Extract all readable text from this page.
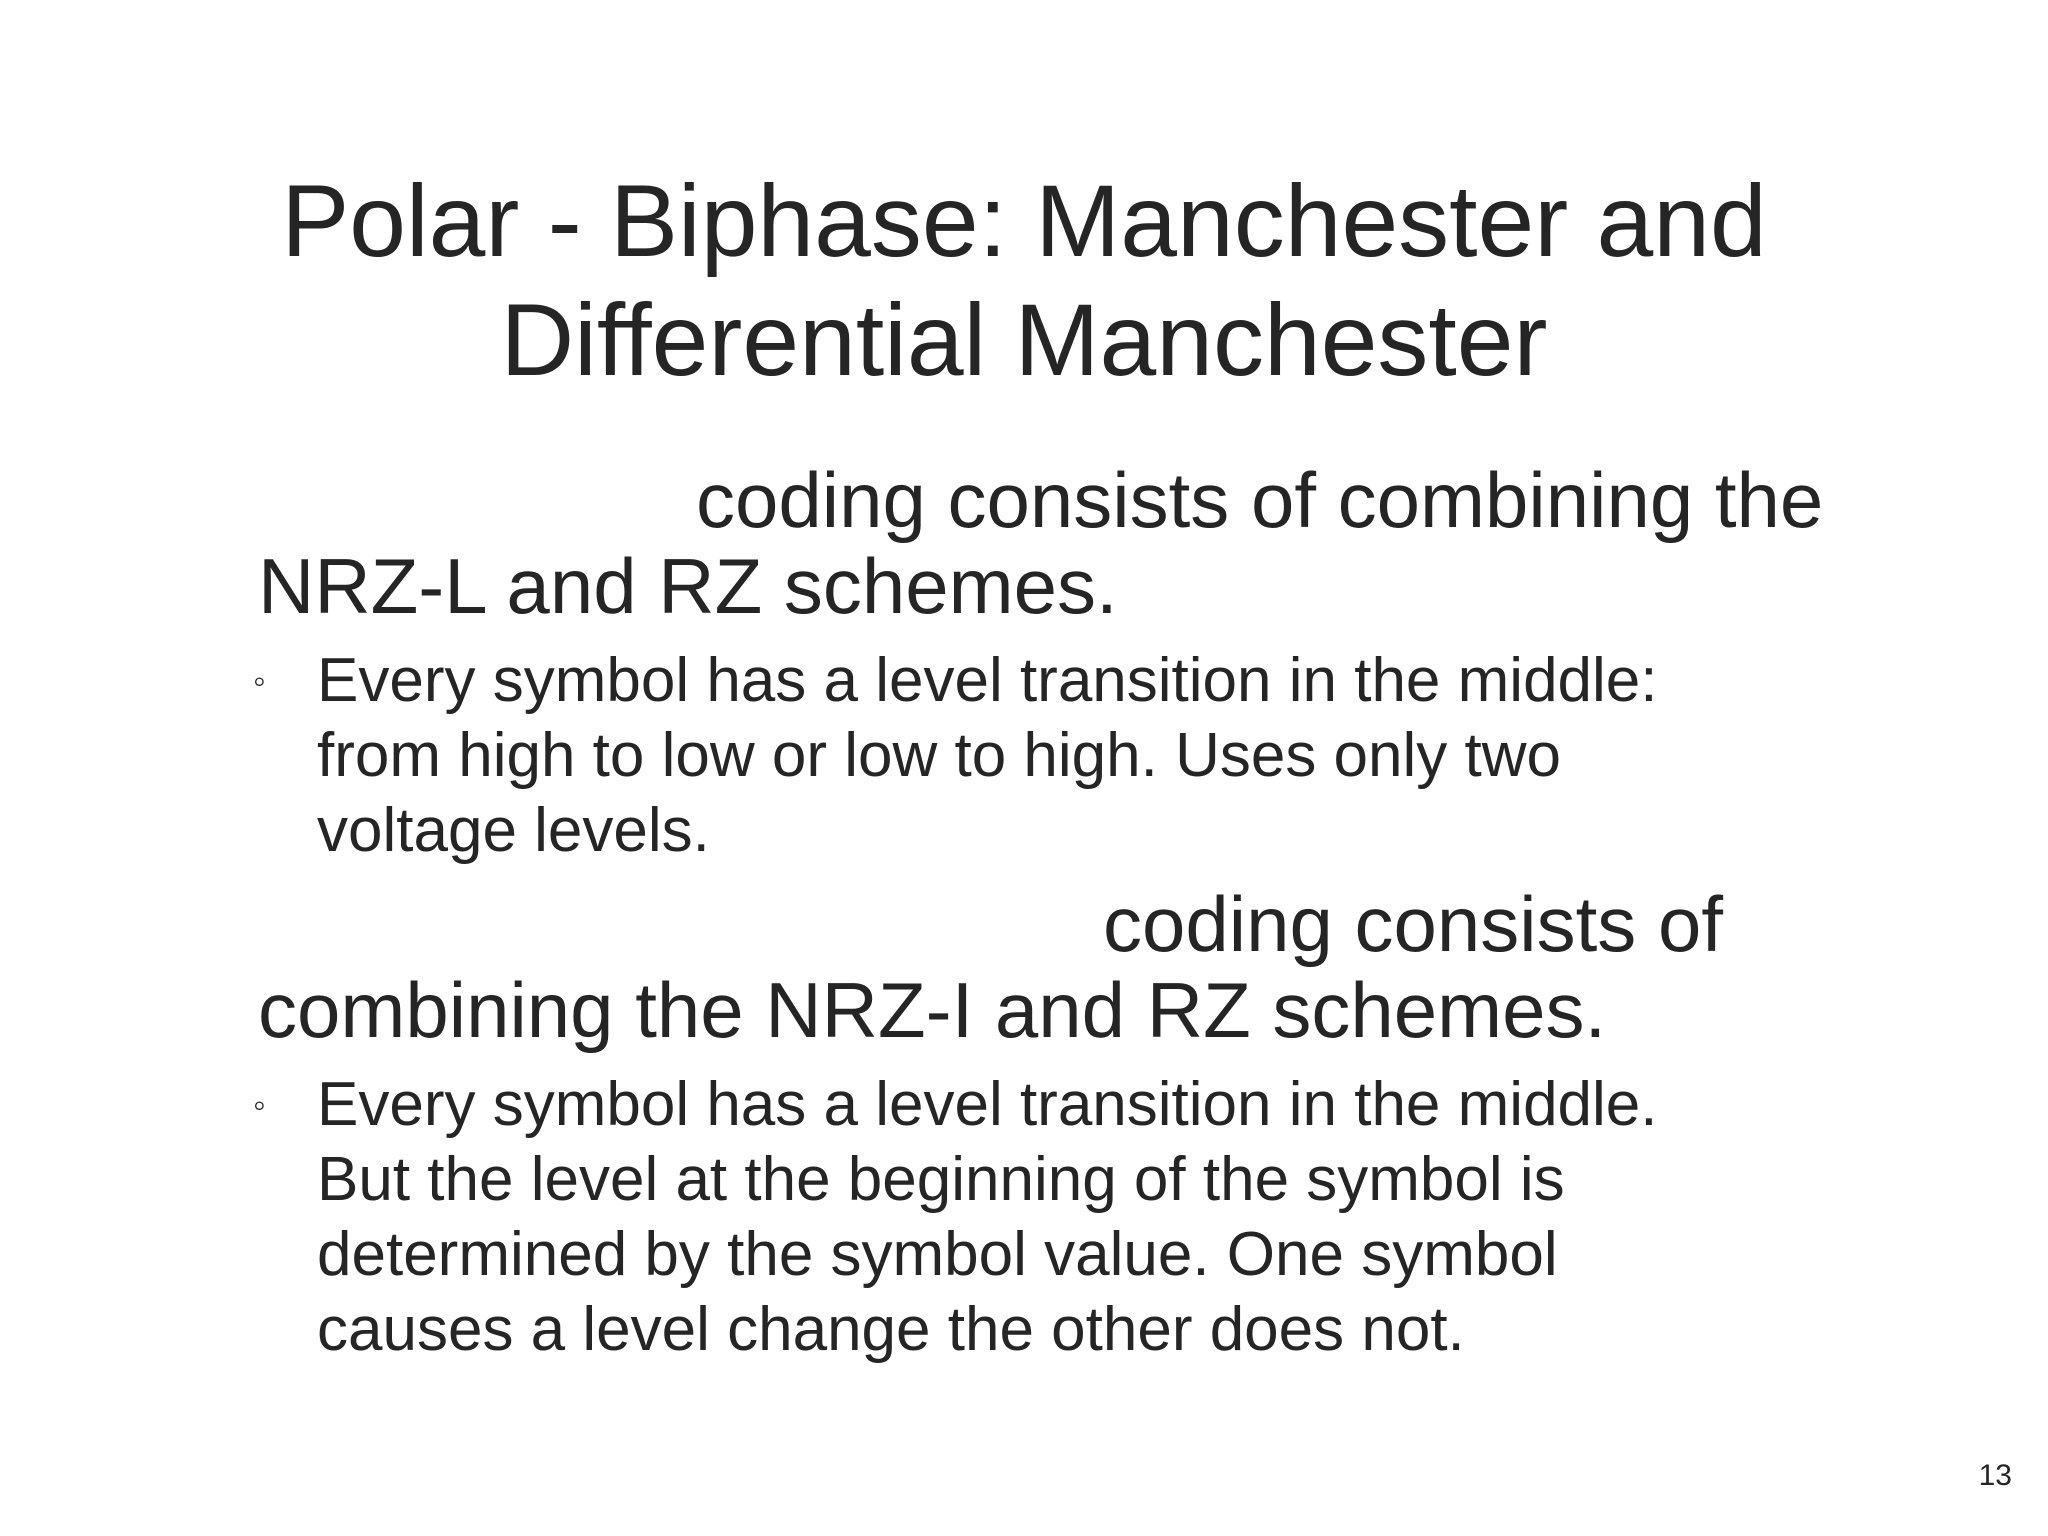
Polar - Biphase: Manchester and
Differential Manchester
coding consists of combining the
NRZ-L and RZ schemes.
◦ Every symbol has a level transition in the middle:
from high to low or low to high. Uses only two
voltage levels.
coding consists of
combining the NRZ-I and RZ schemes.
◦ Every symbol has a level transition in the middle.
But the level at the beginning of the symbol is
determined by the symbol value. One symbol
causes a level change the other does not.
13
